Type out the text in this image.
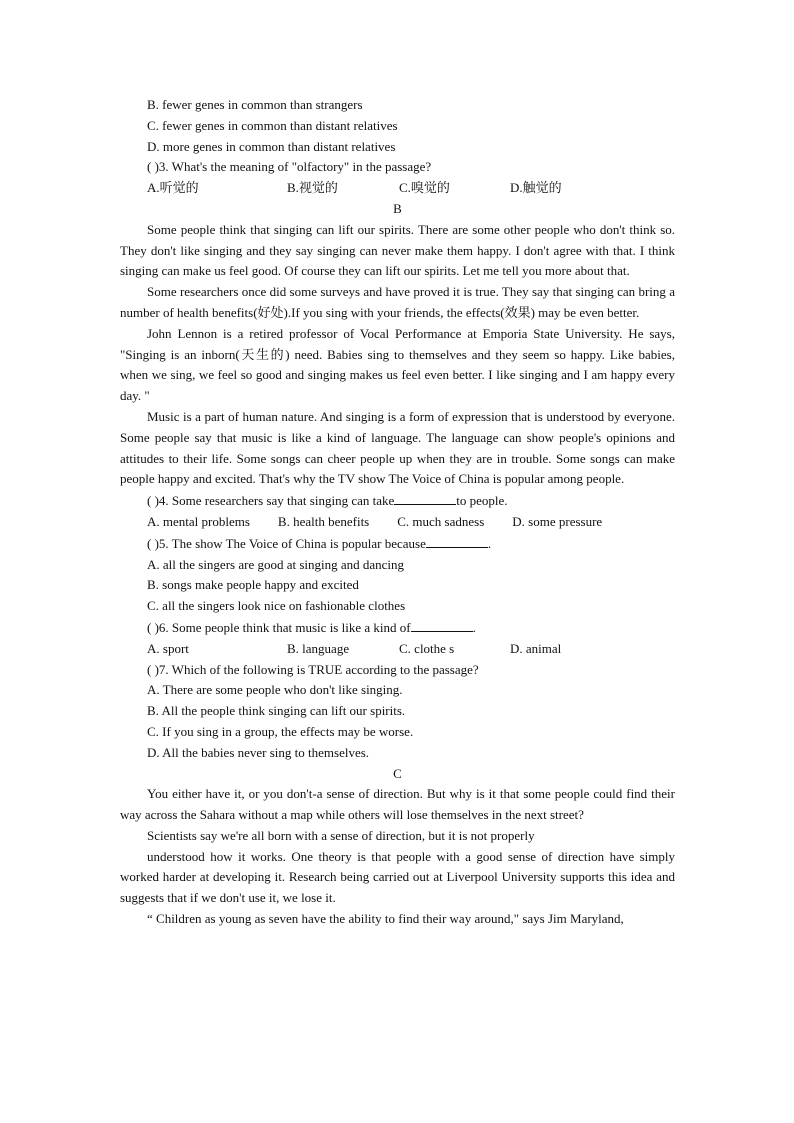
B. fewer genes in common than strangers
C. fewer genes in common than distant relatives
D. more genes in common than distant relatives
( )3. What's the meaning of "olfactory" in the passage?
A.听觉的	B.视觉的	C.嗅觉的	D.触觉的
B
Some people think that singing can lift our spirits. There are some other people who don't think so. They don't like singing and they say singing can never make them happy. I don't agree with that. I think singing can make us feel good. Of course they can lift our spirits. Let me tell you more about that.
Some researchers once did some surveys and have proved it is true. They say that singing can bring a number of health benefits(好处).If you sing with your friends, the effects(效果) may be even better.
John Lennon is a retired professor of Vocal Performance at Emporia State University. He says, "Singing is an inborn(天生的) need. Babies sing to themselves and they seem so happy. Like babies, when we sing, we feel so good and singing makes us feel even better. I like singing and I am happy every day. "
Music is a part of human nature. And singing is a form of expression that is understood by everyone. Some people say that music is like a kind of language. The language can show people's opinions and attitudes to their life. Some songs can cheer people up when they are in trouble. Some songs can make people happy and excited. That's why the TV show The Voice of China is popular among people.
( )4. Some researchers say that singing can take	to people.
A. mental problems B. health benefits C. much sadness D. some pressure
( )5. The show The Voice of China is popular because	.
A. all the singers are good at singing and dancing
B. songs make people happy and excited
C. all the singers look nice on fashionable clothes
( )6. Some people think that music is like a kind of	.
A. sport	B. language	C. clothe s	D. animal
( )7. Which of the following is TRUE according to the passage?
A. There are some people who don't like singing.
B. All the people think singing can lift our spirits.
C. If you sing in a group, the effects may be worse.
D. All the babies never sing to themselves.
C
You either have it, or you don't-a sense of direction. But why is it that some people could find their way across the Sahara without a map while others will lose themselves in the next street?
Scientists say we're all born with a sense of direction, but it is not properly
understood how it works. One theory is that people with a good sense of direction have simply worked harder at developing it. Research being carried out at Liverpool University supports this idea and suggests that if we don't use it, we lose it.
“ Children as young as seven have the ability to find their way around," says Jim Maryland,
